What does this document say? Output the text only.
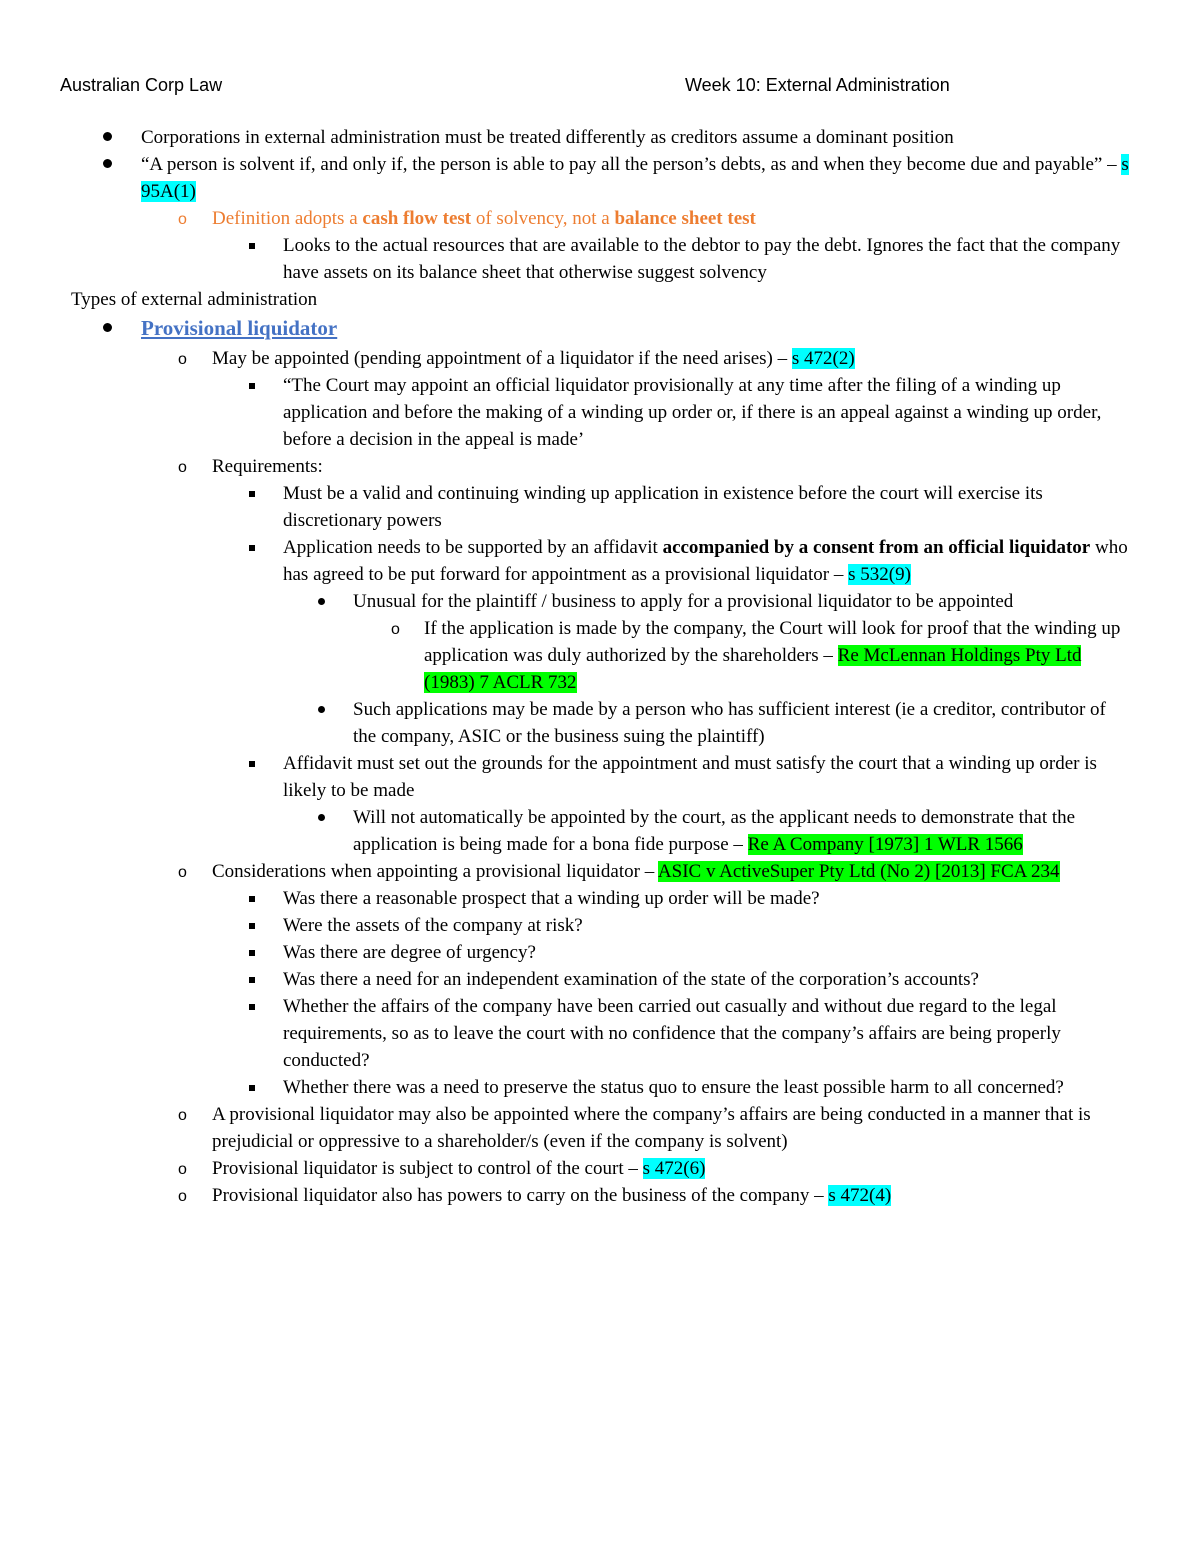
Australian Corp Law	Week 10: External Administration
Corporations in external administration must be treated differently as creditors assume a dominant position
“A person is solvent if, and only if, the person is able to pay all the person’s debts, as and when they become due and payable” – s 95A(1)
o Definition adopts a cash flow test of solvency, not a balance sheet test
Looks to the actual resources that are available to the debtor to pay the debt. Ignores the fact that the company have assets on its balance sheet that otherwise suggest solvency
Types of external administration
Provisional liquidator
o May be appointed (pending appointment of a liquidator if the need arises) – s 472(2)
“The Court may appoint an official liquidator provisionally at any time after the filing of a winding up application and before the making of a winding up order or, if there is an appeal against a winding up order, before a decision in the appeal is made’
o Requirements:
Must be a valid and continuing winding up application in existence before the court will exercise its discretionary powers
Application needs to be supported by an affidavit accompanied by a consent from an official liquidator who has agreed to be put forward for appointment as a provisional liquidator – s 532(9)
Unusual for the plaintiff / business to apply for a provisional liquidator to be appointed
o If the application is made by the company, the Court will look for proof that the winding up application was duly authorized by the shareholders – Re McLennan Holdings Pty Ltd (1983) 7 ACLR 732
Such applications may be made by a person who has sufficient interest (ie a creditor, contributor of the company, ASIC or the business suing the plaintiff)
Affidavit must set out the grounds for the appointment and must satisfy the court that a winding up order is likely to be made
Will not automatically be appointed by the court, as the applicant needs to demonstrate that the application is being made for a bona fide purpose – Re A Company [1973] 1 WLR 1566
o Considerations when appointing a provisional liquidator – ASIC v ActiveSuper Pty Ltd (No 2) [2013] FCA 234
Was there a reasonable prospect that a winding up order will be made?
Were the assets of the company at risk?
Was there are degree of urgency?
Was there a need for an independent examination of the state of the corporation’s accounts?
Whether the affairs of the company have been carried out casually and without due regard to the legal requirements, so as to leave the court with no confidence that the company’s affairs are being properly conducted?
Whether there was a need to preserve the status quo to ensure the least possible harm to all concerned?
o A provisional liquidator may also be appointed where the company’s affairs are being conducted in a manner that is prejudicial or oppressive to a shareholder/s (even if the company is solvent)
o Provisional liquidator is subject to control of the court – s 472(6)
o Provisional liquidator also has powers to carry on the business of the company – s 472(4)
